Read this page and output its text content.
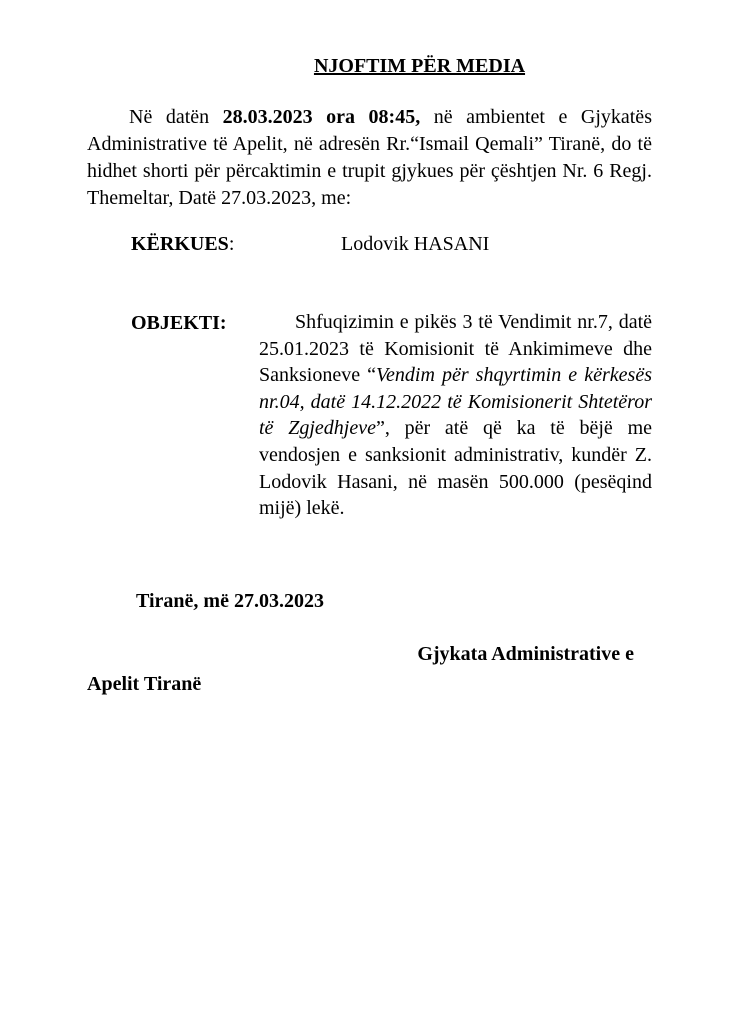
NJOFTIM PËR MEDIA

Në datën 28.03.2023 ora 08:45, në ambientet e Gjykatës Administrative të Apelit, në adresën Rr.“Ismail Qemali” Tiranë, do të hidhet shorti për përcaktimin e trupit gjykues për çështjen Nr. 6 Regj. Themeltar, Datë 27.03.2023, me:

KËRKUES:	Lodovik HASANI
OBJEKTI:	Shfuqizimin e pikës 3 të Vendimit nr.7, datë 25.01.2023 të Komisionit të Ankimimeve dhe Sanksioneve “Vendim për shqyrtimin e kërkesës nr.04, datë 14.12.2022 të Komisionerit Shtetëror të Zgjedhjeve”, për atë që ka të bëjë me vendosjen e sanksionit administrativ, kundër Z. Lodovik Hasani, në masën 500.000 (pesëqind mijë) lekë.

Tiranë, më 27.03.2023
Gjykata Administrative e
Apelit Tiranë
